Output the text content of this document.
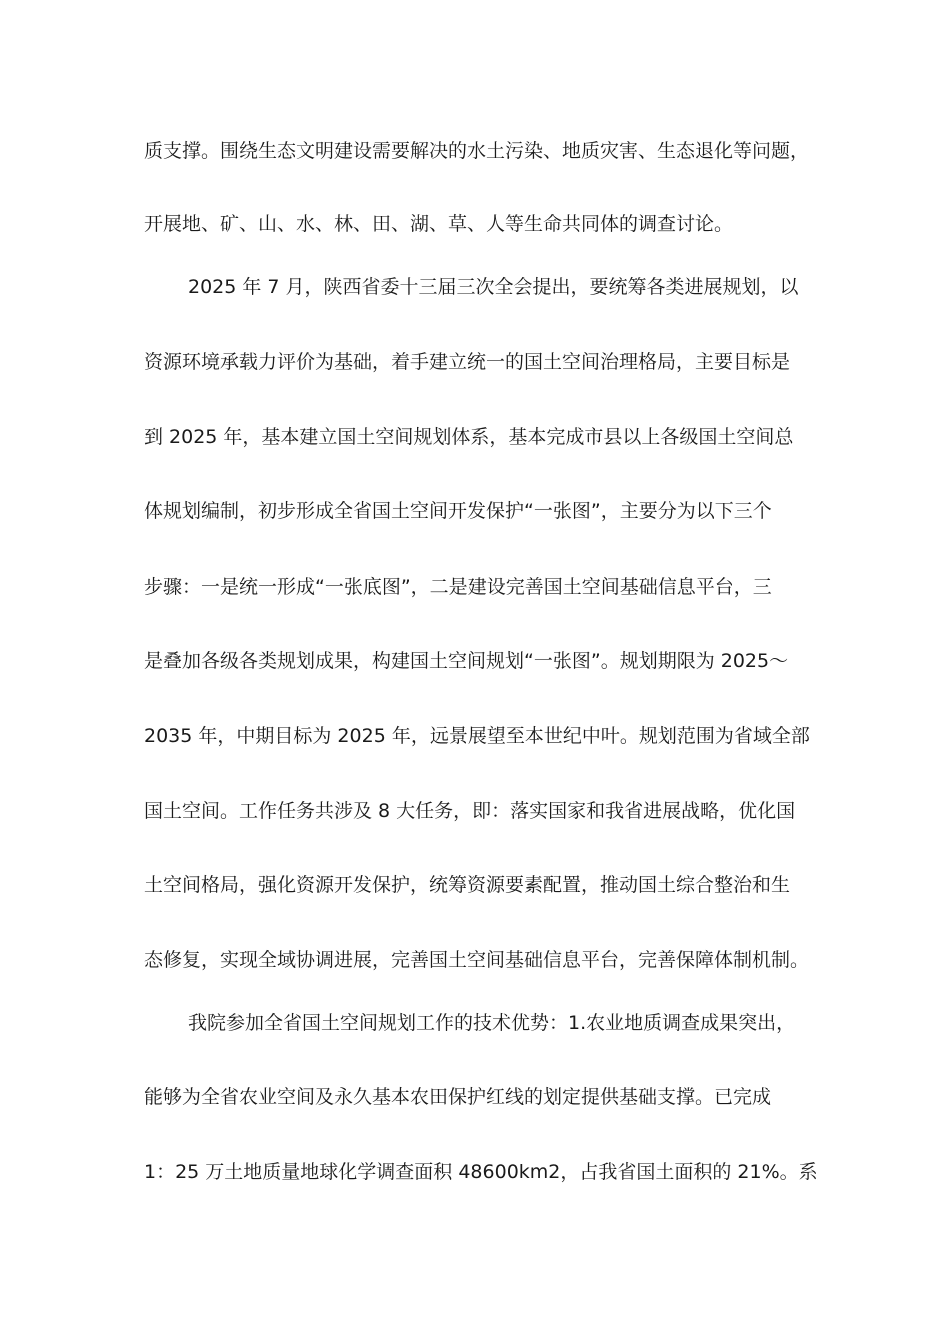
质支撑。围绕生态文明建设需要解决的水土污染、地质灾害、生态退化等问题，
开展地、矿、山、水、林、田、湖、草、人等生命共同体的调查讨论。
2025 年 7 月，陕西省委十三届三次全会提出，要统筹各类进展规划，以
资源环境承载力评价为基础，着手建立统一的国土空间治理格局，主要目标是
到 2025 年，基本建立国土空间规划体系，基本完成市县以上各级国土空间总
体规划编制，初步形成全省国土空间开发保护“一张图”，主要分为以下三个
步骤：一是统一形成“一张底图”，二是建设完善国土空间基础信息平台，三
是叠加各级各类规划成果，构建国土空间规划“一张图”。规划期限为 2025～
2035 年，中期目标为 2025 年，远景展望至本世纪中叶。规划范围为省域全部
国土空间。工作任务共涉及 8 大任务，即：落实国家和我省进展战略，优化国
土空间格局，强化资源开发保护，统筹资源要素配置，推动国土综合整治和生
态修复，实现全域协调进展，完善国土空间基础信息平台，完善保障体制机制。
我院参加全省国土空间规划工作的技术优势：1.农业地质调查成果突出，
能够为全省农业空间及永久基本农田保护红线的划定提供基础支撑。已完成
1：25 万土地质量地球化学调查面积 48600km2，占我省国土面积的 21%。系
